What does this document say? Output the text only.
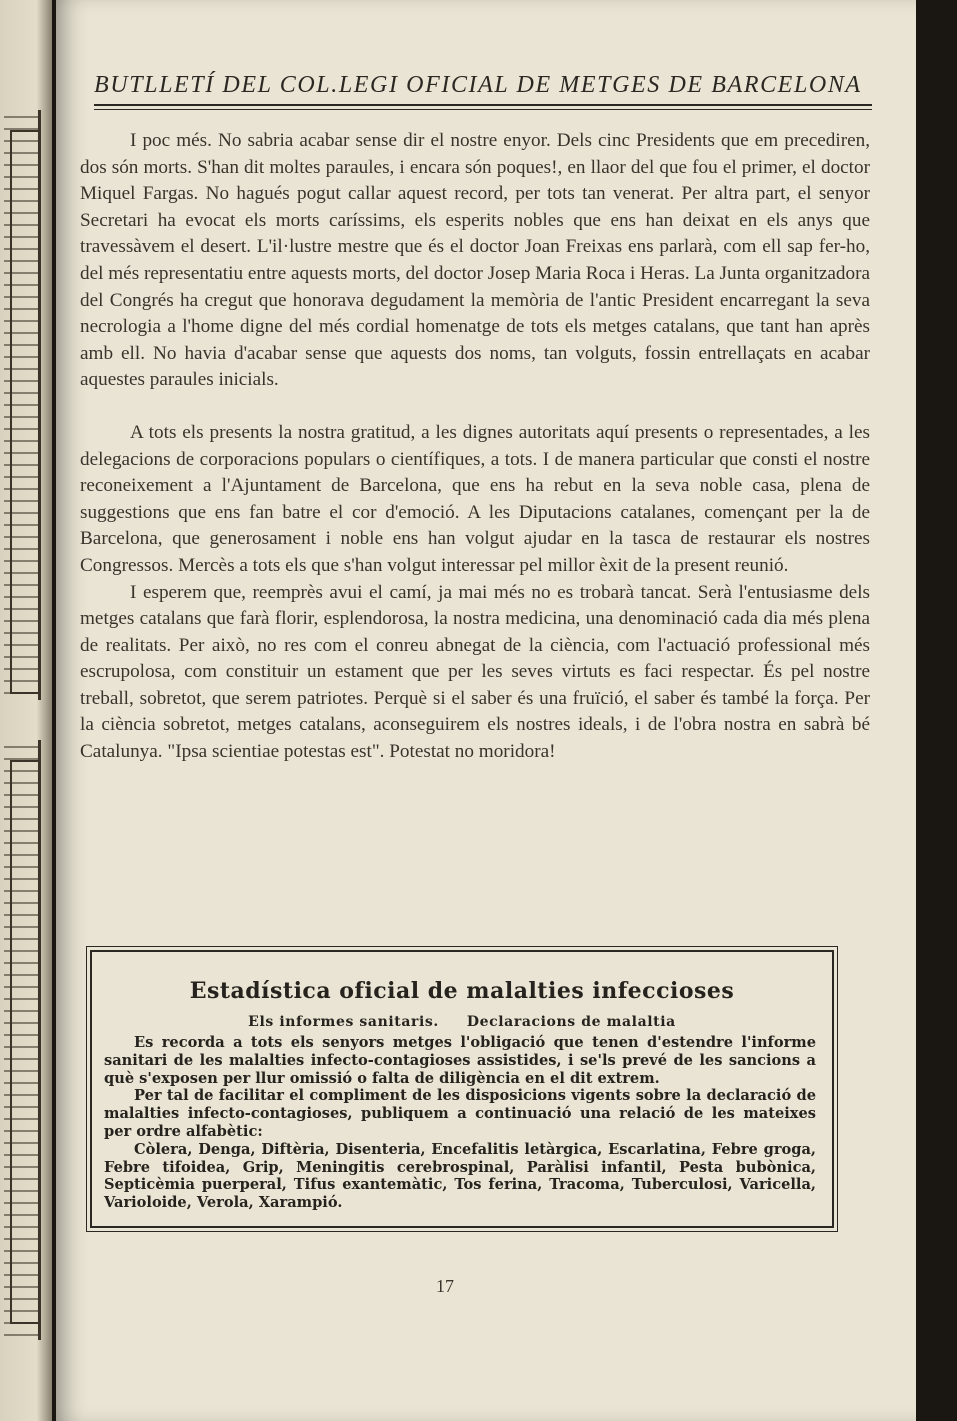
BUTLLETÍ DEL COL.LEGI OFICIAL DE METGES DE BARCELONA

I poc més. No sabria acabar sense dir el nostre enyor. Dels cinc Presidents que em precediren, dos són morts. S'han dit moltes paraules, i encara són poques!, en llaor del que fou el primer, el doctor Miquel Fargas. No hagués pogut callar aquest record, per tots tan venerat. Per altra part, el senyor Secretari ha evocat els morts caríssims, els esperits nobles que ens han deixat en els anys que travessàvem el desert. L'il·lustre mestre que és el doctor Joan Freixas ens parlarà, com ell sap fer-ho, del més representatiu entre aquests morts, del doctor Josep Maria Roca i Heras. La Junta organitzadora del Congrés ha cregut que honorava degudament la memòria de l'antic President encarregant la seva necrologia a l'home digne del més cordial homenatge de tots els metges catalans, que tant han après amb ell. No havia d'acabar sense que aquests dos noms, tan volguts, fossin entrellaçats en acabar aquestes paraules inicials.

A tots els presents la nostra gratitud, a les dignes autoritats aquí presents o representades, a les delegacions de corporacions populars o científiques, a tots. I de manera particular que consti el nostre reconeixement a l'Ajuntament de Barcelona, que ens ha rebut en la seva noble casa, plena de suggestions que ens fan batre el cor d'emoció. A les Diputacions catalanes, començant per la de Barcelona, que generosament i noble ens han volgut ajudar en la tasca de restaurar els nostres Congressos. Mercès a tots els que s'han volgut interessar pel millor èxit de la present reunió.

I esperem que, reemprès avui el camí, ja mai més no es trobarà tancat. Serà l'entusiasme dels metges catalans que farà florir, esplendorosa, la nostra medicina, una denominació cada dia més plena de realitats. Per això, no res com el conreu abnegat de la ciència, com l'actuació professional més escrupolosa, com constituir un estament que per les seves virtuts es faci respectar. És pel nostre treball, sobretot, que serem patriotes. Perquè si el saber és una fruïció, el saber és també la força. Per la ciència sobretot, metges catalans, aconseguirem els nostres ideals, i de l'obra nostra en sabrà bé Catalunya. "Ipsa scientiae potestas est". Potestat no moridora!

Estadística oficial de malalties infeccioses
Els informes sanitaris. Declaracions de malaltia

Es recorda a tots els senyors metges l'obligació que tenen d'estendre l'informe sanitari de les malalties infecto-contagioses assistides, i se'ls prevé de les sancions a què s'exposen per llur omissió o falta de diligència en el dit extrem.

Per tal de facilitar el compliment de les disposicions vigents sobre la declaració de malalties infecto-contagioses, publiquem a continuació una relació de les mateixes per ordre alfabètic:

Còlera, Denga, Diftèria, Disenteria, Encefalitis letàrgica, Escarlatina, Febre groga, Febre tifoidea, Grip, Meningitis cerebrospinal, Paràlisi infantil, Pesta bubònica, Septicèmia puerperal, Tifus exantemàtic, Tos ferina, Tracoma, Tuberculosi, Varicella, Varioloide, Verola, Xarampió.

17
